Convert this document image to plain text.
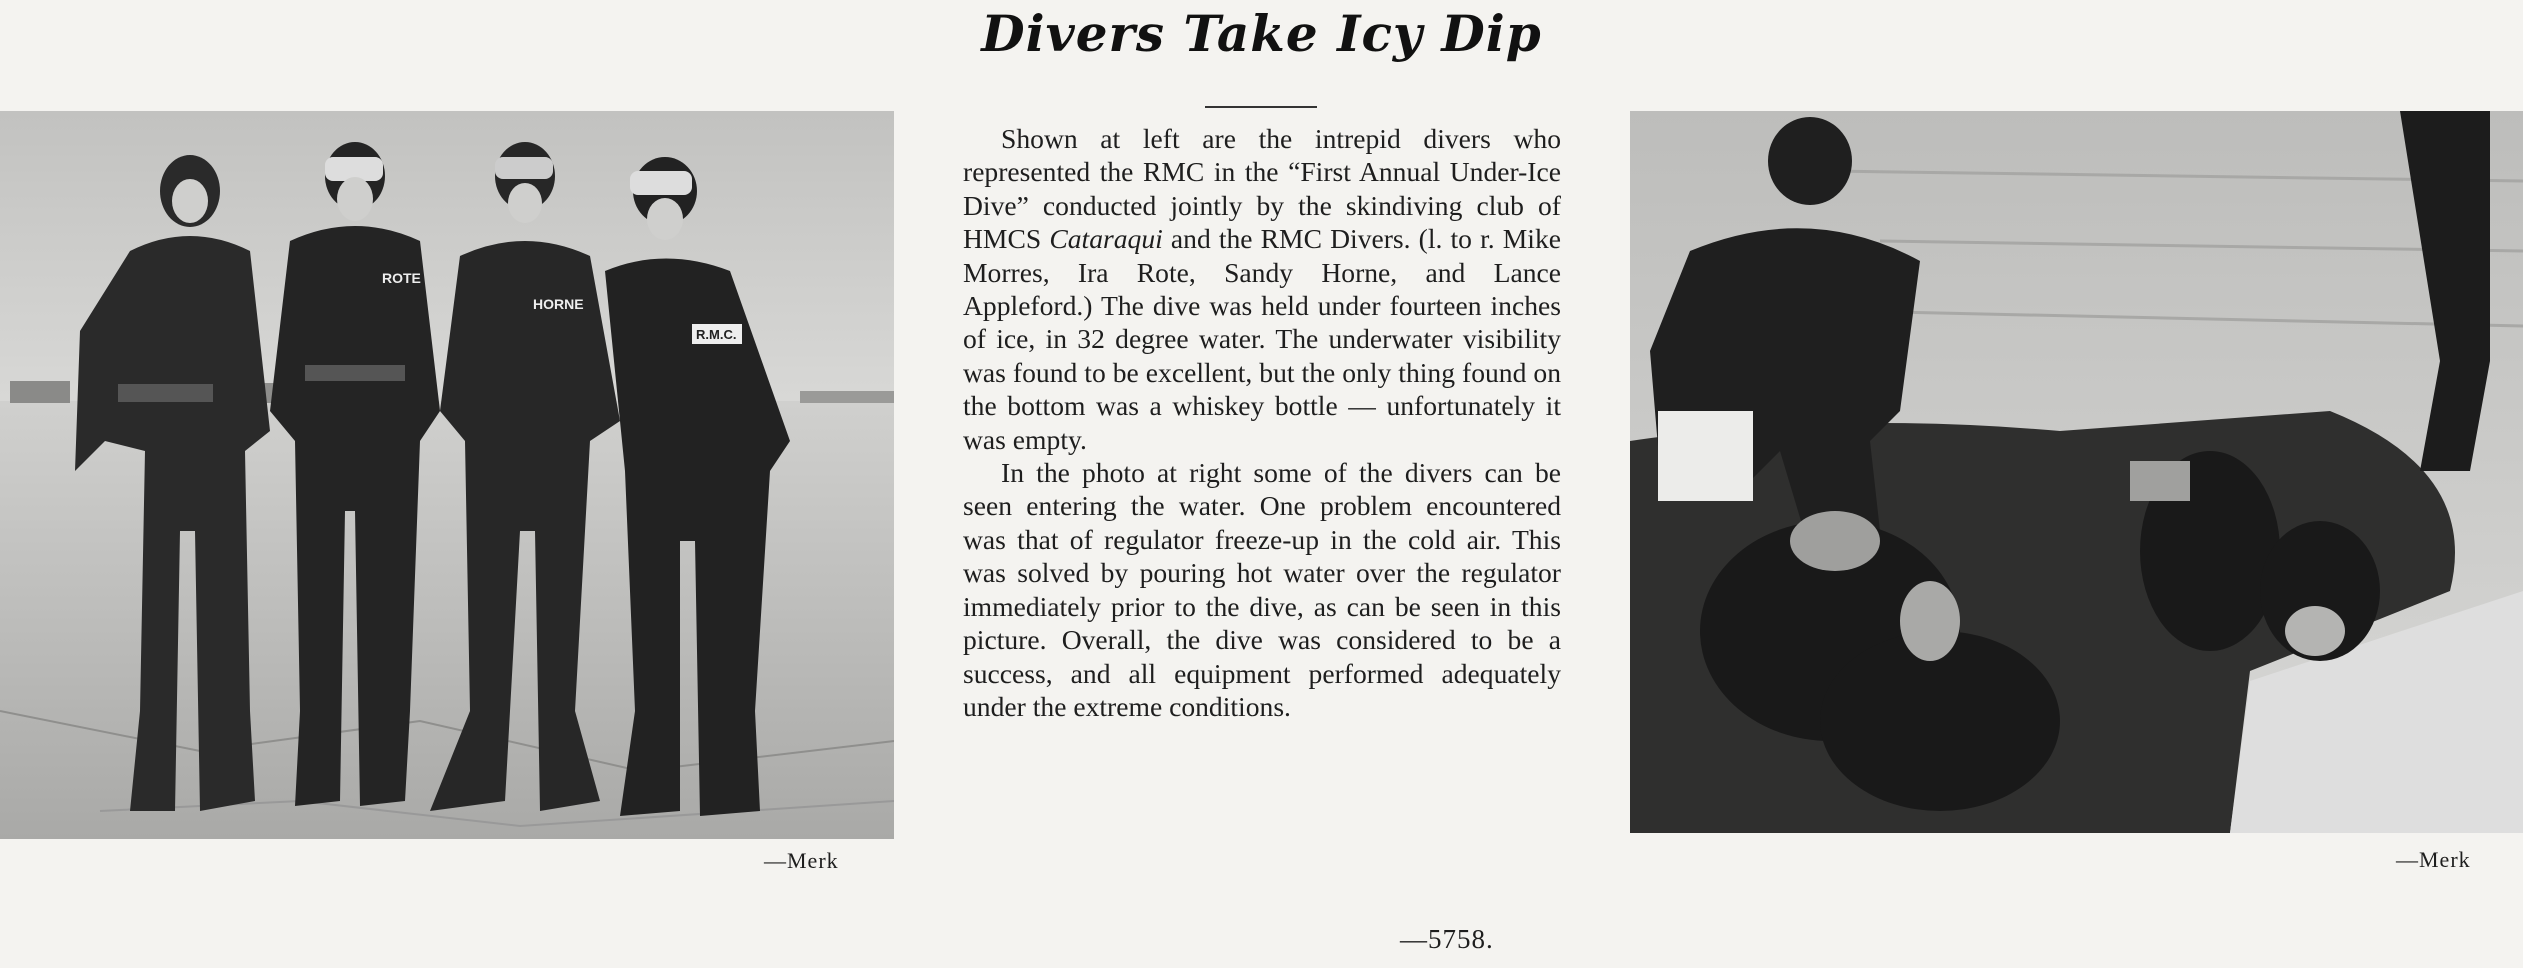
Divers Take Icy Dip
ROTE
HORNE
R.M.C.
—Merk

Shown at left are the intrepid divers who represented the RMC in the “First Annual Under-Ice Dive” conducted jointly by the skindiving club of HMCS Cataraqui and the RMC Divers. (l. to r. Mike Morres, Ira Rote, Sandy Horne, and Lance Appleford.) The dive was held under fourteen inches of ice, in 32 degree water. The underwater visibility was found to be excellent, but the only thing found on the bottom was a whiskey bottle — unfortunately it was empty.

In the photo at right some of the divers can be seen entering the water. One problem encountered was that of regulator freeze-up in the cold air. This was solved by pouring hot water over the regulator immediately prior to the dive, as can be seen in this picture. Overall, the dive was considered to be a success, and all equipment performed adequately under the extreme conditions.

—5758.
—Merk
